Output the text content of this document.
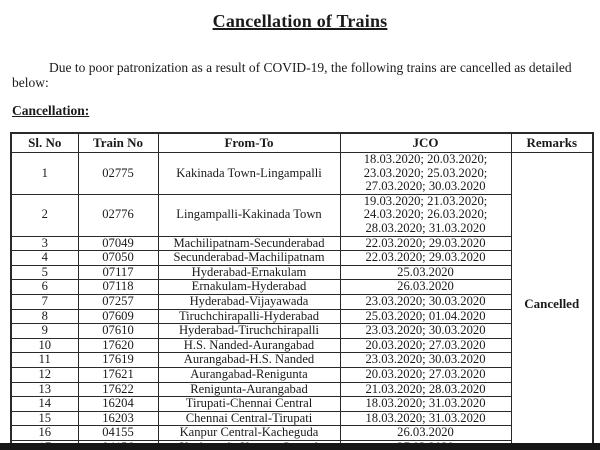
Cancellation of Trains

Due to poor patronization as a result of COVID-19, the following trains are cancelled as detailed below:

Cancellation:
Sl. No	Train No	From-To	JCO	Remarks
1	02775	Kakinada Town-Lingampalli	18.03.2020; 20.03.2020; 23.03.2020; 25.03.2020; 27.03.2020; 30.03.2020	Cancelled
2	02776	Lingampalli-Kakinada Town	19.03.2020; 21.03.2020; 24.03.2020; 26.03.2020; 28.03.2020; 31.03.2020	
3	07049	Machilipatnam-Secunderabad	22.03.2020; 29.03.2020	
4	07050	Secunderabad-Machilipatnam	22.03.2020; 29.03.2020	
5	07117	Hyderabad-Ernakulam	25.03.2020	
6	07118	Ernakulam-Hyderabad	26.03.2020	
7	07257	Hyderabad-Vijayawada	23.03.2020; 30.03.2020	
8	07609	Tiruchchirapalli-Hyderabad	25.03.2020; 01.04.2020	
9	07610	Hyderabad-Tiruchchirapalli	23.03.2020; 30.03.2020	
10	17620	H.S. Nanded-Aurangabad	20.03.2020; 27.03.2020	
11	17619	Aurangabad-H.S. Nanded	23.03.2020; 30.03.2020	
12	17621	Aurangabad-Renigunta	20.03.2020; 27.03.2020	
13	17622	Renigunta-Aurangabad	21.03.2020; 28.03.2020	
14	16204	Tirupati-Chennai Central	18.03.2020; 31.03.2020	
15	16203	Chennai Central-Tirupati	18.03.2020; 31.03.2020	
16	04155	Kanpur Central-Kacheguda	26.03.2020	
